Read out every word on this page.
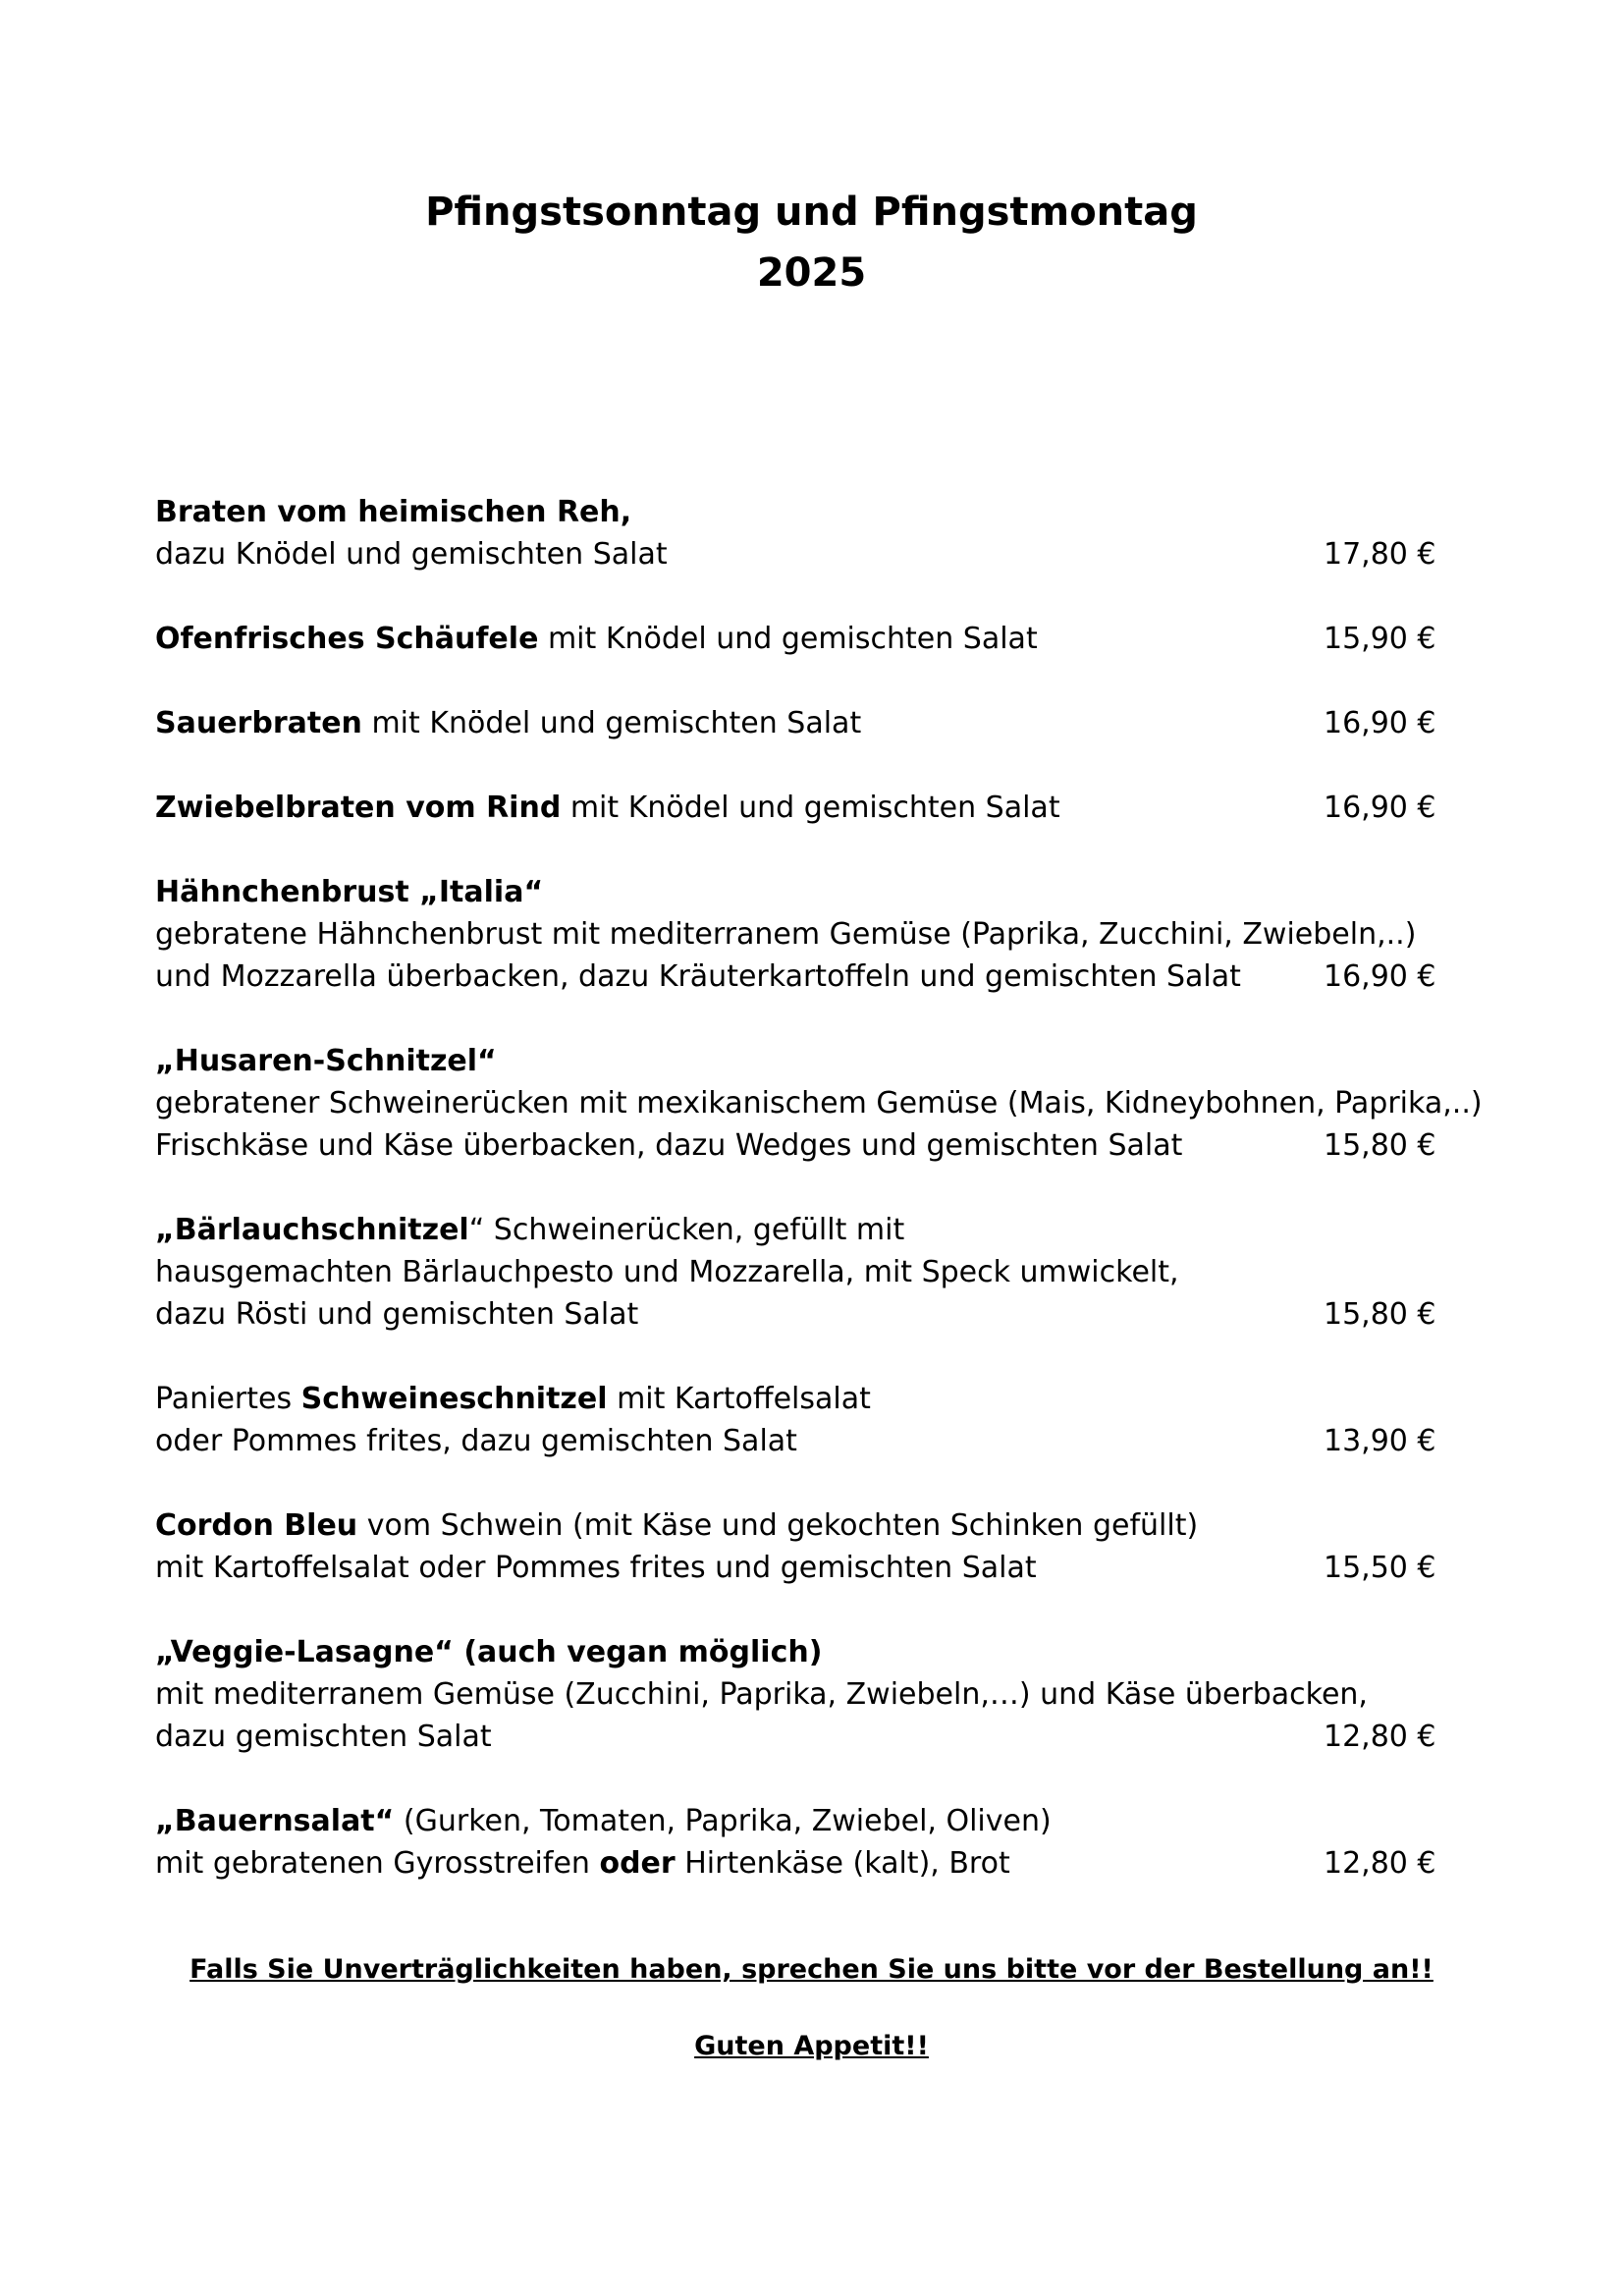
Pfingstsonntag und Pfingstmontag
2025
Braten vom heimischen Reh,
dazu Knödel und gemischten Salat	17,80 €
Ofenfrisches Schäufele mit Knödel und gemischten Salat	15,90 €
Sauerbraten mit Knödel und gemischten Salat	16,90 €
Zwiebelbraten vom Rind mit Knödel und gemischten Salat	16,90 €
Hähnchenbrust „Italia“
gebratene Hähnchenbrust mit mediterranem Gemüse (Paprika, Zucchini, Zwiebeln,..)
und Mozzarella überbacken, dazu Kräuterkartoffeln und gemischten Salat	16,90 €
„Husaren-Schnitzel“
gebratener Schweinerücken mit mexikanischem Gemüse (Mais, Kidneybohnen, Paprika,..)
Frischkäse und Käse überbacken, dazu Wedges und gemischten Salat	15,80 €
„Bärlauchschnitzel“ Schweinerücken, gefüllt mit
hausgemachten Bärlauchpesto und Mozzarella, mit Speck umwickelt,
dazu Rösti und gemischten Salat	15,80 €
Paniertes Schweineschnitzel mit Kartoffelsalat
oder Pommes frites, dazu gemischten Salat	13,90 €
Cordon Bleu vom Schwein (mit Käse und gekochten Schinken gefüllt)
mit Kartoffelsalat oder Pommes frites und gemischten Salat	15,50 €
„Veggie-Lasagne“ (auch vegan möglich)
mit mediterranem Gemüse (Zucchini, Paprika, Zwiebeln,…) und Käse überbacken,
dazu gemischten Salat	12,80 €
„Bauernsalat“ (Gurken, Tomaten, Paprika, Zwiebel, Oliven)
mit gebratenen Gyrosstreifen oder Hirtenkäse (kalt), Brot	12,80 €
Falls Sie Unverträglichkeiten haben, sprechen Sie uns bitte vor der Bestellung an!!
Guten Appetit!!
